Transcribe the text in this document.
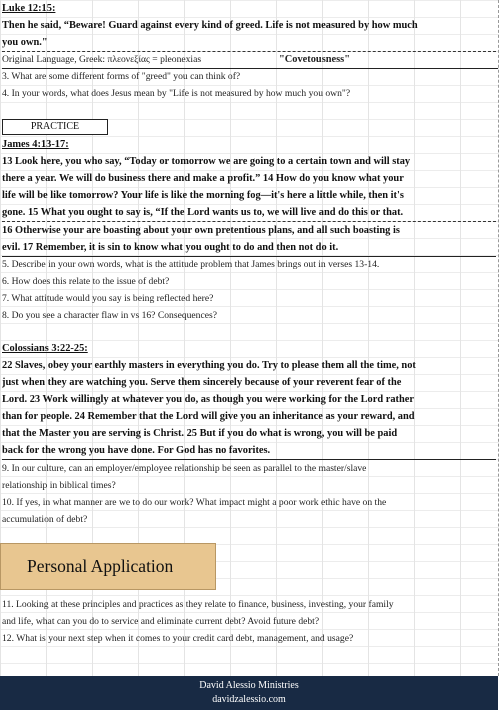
Luke 12:15:
Then he said, “Beware! Guard against every kind of greed. Life is not measured by how much
you own."
Original Language, Greek: πλεονεξίας = pleonexias	"Covetousness"
3. What are some different forms of "greed" you can think of?
4. In your words, what does Jesus mean by "Life is not measured by how much you own"?
PRACTICE
James 4:13-17:
13 Look here, you who say, “Today or tomorrow we are going to a certain town and will stay
there a year. We will do business there and make a profit.” 14 How do you know what your
life will be like tomorrow? Your life is like the morning fog—it's here a little while, then it's
gone. 15 What you ought to say is, “If the Lord wants us to, we will live and do this or that.
16 Otherwise your are boasting about your own pretentious plans, and all such boasting is
evil. 17 Remember, it is sin to know what you ought to do and then not do it.
5. Describe in your own words, what is the attitude problem that James brings out in verses 13-14.
6. How does this relate to the issue of debt?
7. What attitude would you say is being reflected here?
8. Do you see a character flaw in vs 16? Consequences?
Colossians 3:22-25:
22 Slaves, obey your earthly masters in everything you do. Try to please them all the time, not
just when they are watching you. Serve them sincerely because of your reverent fear of the
Lord. 23 Work willingly at whatever you do, as though you were working for the Lord rather
than for people. 24 Remember that the Lord will give you an inheritance as your reward, and
that the Master you are serving is Christ. 25 But if you do what is wrong, you will be paid
back for the wrong you have done. For God has no favorites.
9. In our culture, can an employer/employee relationship be seen as parallel to the master/slave
relationship in biblical times?
10. If yes, in what manner are we to do our work? What impact might a poor work ethic have on the
accumulation of debt?
Personal Application
11. Looking at these principles and practices as they relate to finance, business, investing, your family
and life, what can you do to service and eliminate current debt? Avoid future debt?
12. What is your next step when it comes to your credit card debt, management, and usage?
David Alessio Ministries
davidzalessio.com
